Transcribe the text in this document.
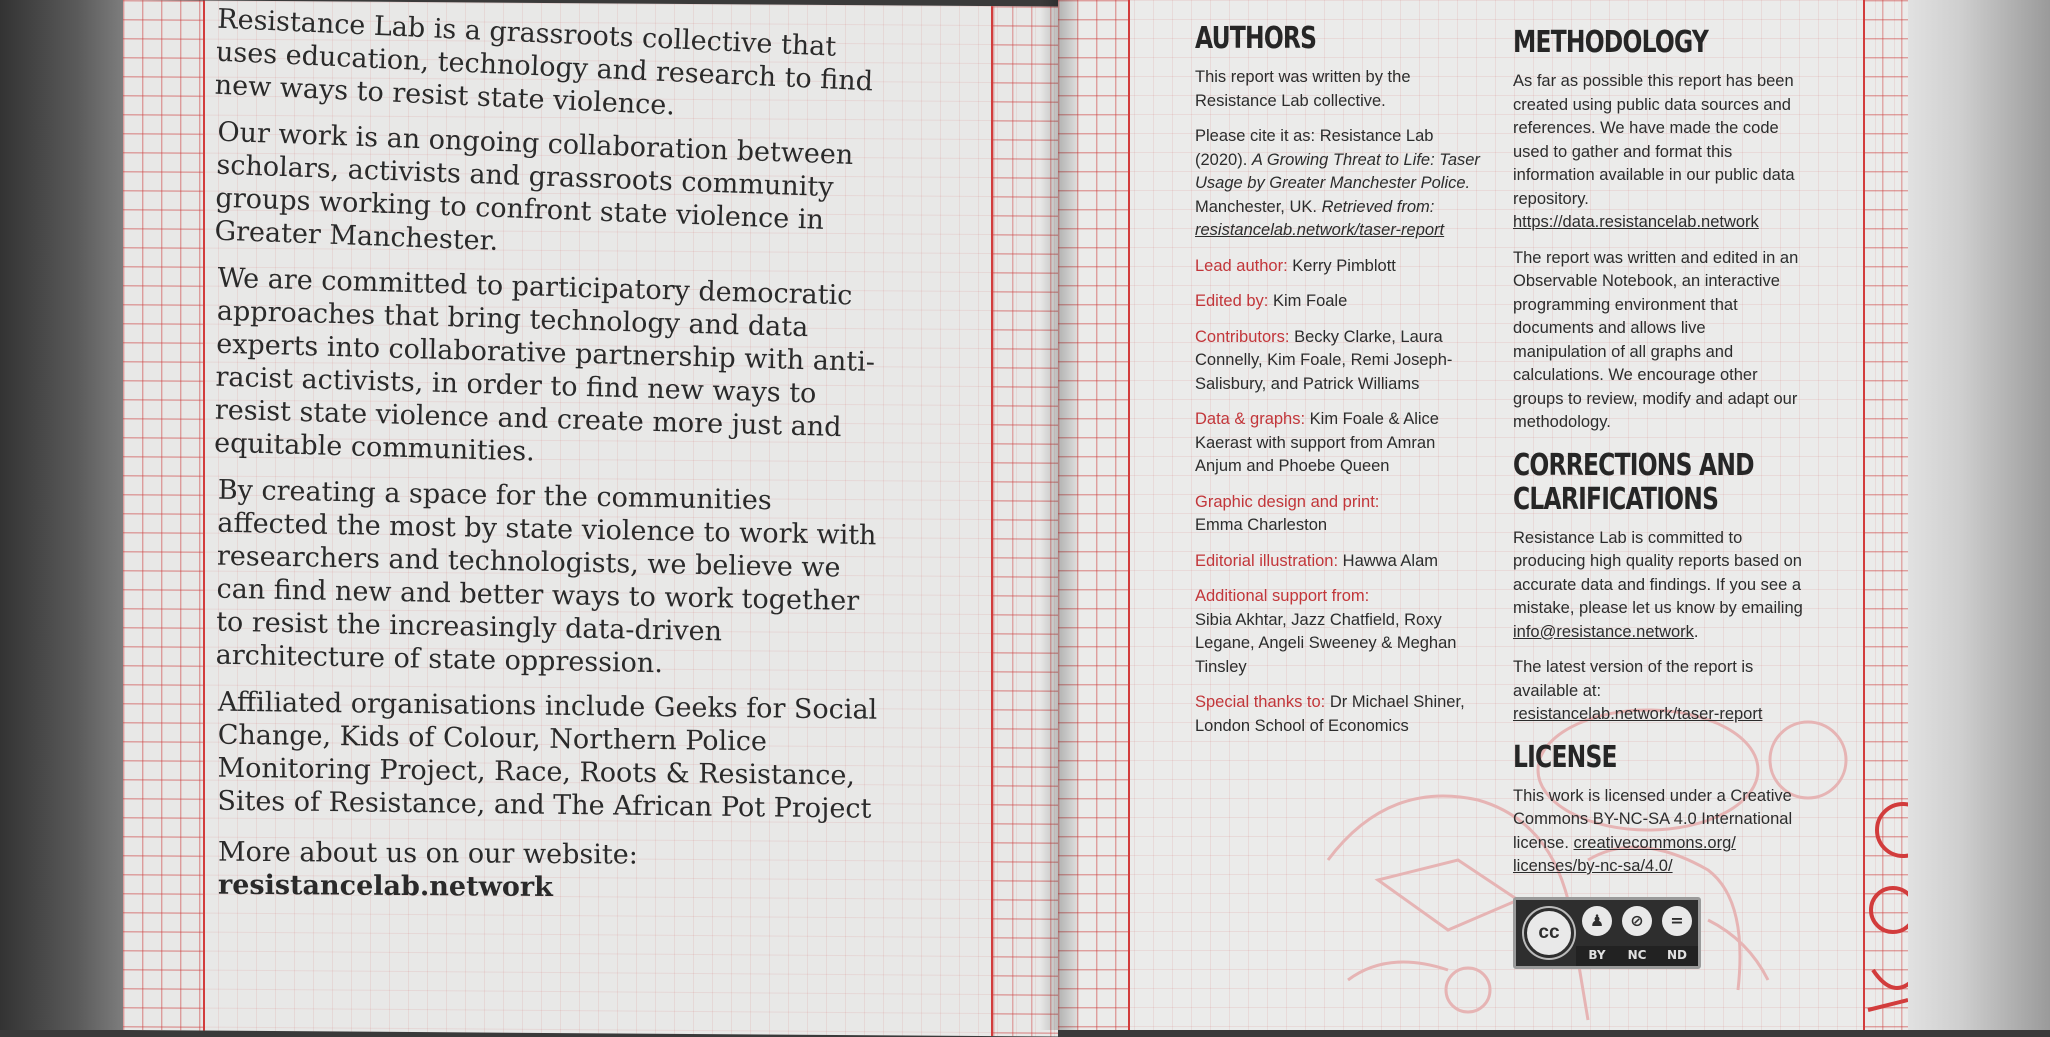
Resistance Lab is a grassroots collective that uses education, technology and research to find new ways to resist state violence.

Our work is an ongoing collaboration between scholars, activists and grassroots community groups working to confront state violence in Greater Manchester.

We are committed to participatory democratic approaches that bring technology and data experts into collaborative partnership with anti-racist activists, in order to find new ways to resist state violence and create more just and equitable communities.

By creating a space for the communities affected the most by state violence to work with researchers and technologists, we believe we can find new and better ways to work together to resist the increasingly data-driven architecture of state oppression.

Affiliated organisations include Geeks for Social Change, Kids of Colour, Northern Police Monitoring Project, Race, Roots & Resistance, Sites of Resistance, and The African Pot Project

More about us on our website:
resistancelab.network

AUTHORS

This report was written by the Resistance Lab collective.

Please cite it as: Resistance Lab (2020). A Growing Threat to Life: Taser Usage by Greater Manchester Police. Manchester, UK. Retrieved from:
resistancelab.network/taser-report

Lead author: Kerry Pimblott

Edited by: Kim Foale

Contributors: Becky Clarke, Laura Connelly, Kim Foale, Remi Joseph-Salisbury, and Patrick Williams

Data & graphs: Kim Foale & Alice Kaerast with support from Amran Anjum and Phoebe Queen

Graphic design and print:
Emma Charleston

Editorial illustration: Hawwa Alam

Additional support from:
Sibia Akhtar, Jazz Chatfield, Roxy Legane, Angeli Sweeney & Meghan Tinsley

Special thanks to: Dr Michael Shiner, London School of Economics

METHODOLOGY

As far as possible this report has been created using public data sources and references. We have made the code used to gather and format this information available in our public data repository.
https://data.resistancelab.network

The report was written and edited in an Observable Notebook, an interactive programming environment that documents and allows live manipulation of all graphs and calculations. We encourage other groups to review, modify and adapt our methodology.

CORRECTIONS AND
CLARIFICATIONS

Resistance Lab is committed to producing high quality reports based on accurate data and findings. If you see a mistake, please let us know by emailing info@resistance.network.

The latest version of the report is available at:
resistancelab.network/taser-report

LICENSE

This work is licensed under a Creative Commons BY-NC-SA 4.0 International license. creativecommons.org/ licenses/by-nc-sa/4.0/

cc
♟	⊘	=
BY	NC	ND
